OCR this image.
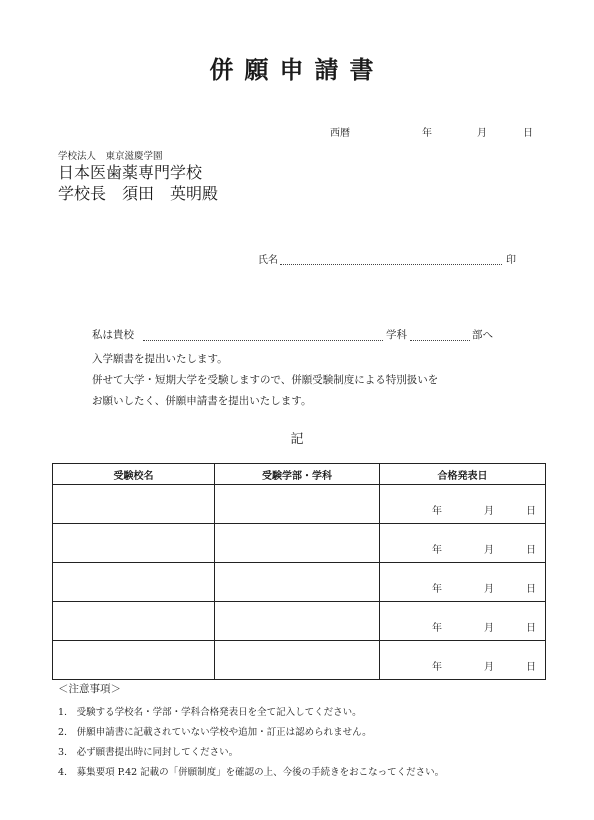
併願申請書
西暦	年	月	日
学校法人　東京滋慶学園
日本医歯薬専門学校
学校長　須田　英明殿
氏名	印
私は貴校	学科	部へ
入学願書を提出いたします。
併せて大学・短期大学を受験しますので、併願受験制度による特別扱いを
お願いしたく、併願申請書を提出いたします。
記
受験校名	受験学部・学科	合格発表日

		年 月 日

		年 月 日

		年 月 日

		年 月 日

		年 月 日
＜注意事項＞
1.　受験する学校名・学部・学科合格発表日を全て記入してください。
2.　併願申請書に記載されていない学校や追加・訂正は認められません。
3.　必ず願書提出時に同封してください。
4.　募集要項 P.42 記載の「併願制度」を確認の上、今後の手続きをおこなってください。
